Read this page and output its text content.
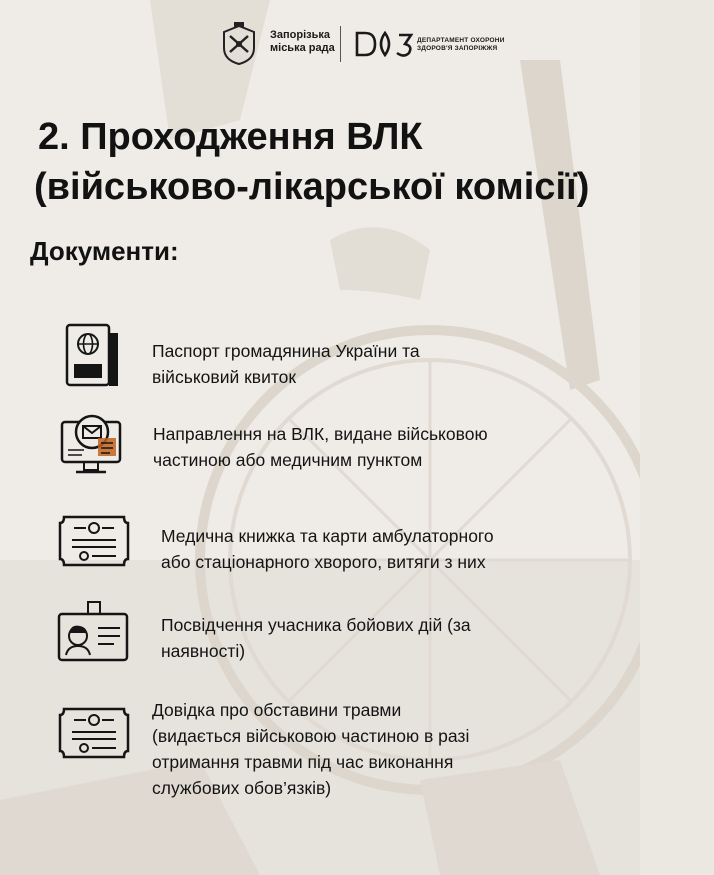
Запорізька
міська рада
ДЕПАРТАМЕНТ ОХОРОНИ
ЗДОРОВ'Я ЗАПОРІЖЖЯ
2. Проходження ВЛК
(військово-лікарської комісії)
Документи:
Паспорт громадянина України та
військовий квиток
Направлення на ВЛК, видане військовою
частиною або медичним пунктом
Медична книжка та карти амбулаторного
або стаціонарного хворого, витяги з них
Посвідчення учасника бойових дій (за
наявності)
Довідка про обставини травми
(видається військовою частиною в разі
отримання травми під час виконання
службових обов’язків)
